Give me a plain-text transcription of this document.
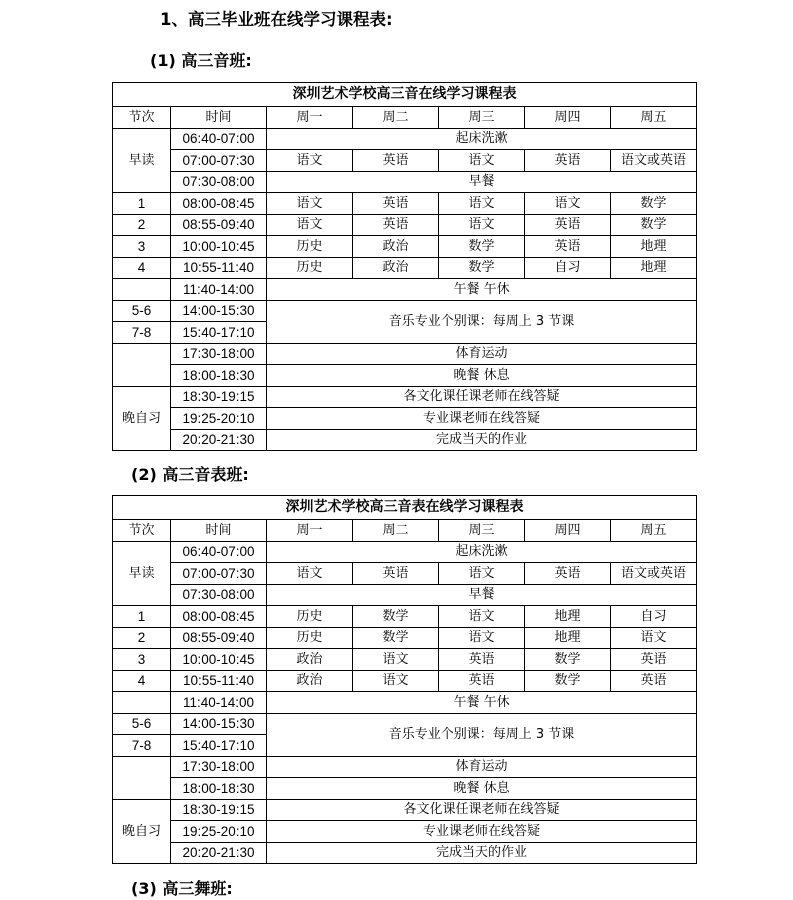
1、高三毕业班在线学习课程表:
(1) 高三音班:
深圳艺术学校高三音在线学习课程表						
节次	时间	周一	周二	周三	周四	周五
	06:40-07:00	起床洗漱				
早读	07:00-07:30	语文	英语	语文	英语	语文或英语
	07:30-08:00	早餐				
1	08:00-08:45	语文	英语	语文	语文	数学
2	08:55-09:40	语文	英语	语文	英语	数学
3	10:00-10:45	历史	政治	数学	英语	地理
4	10:55-11:40	历史	政治	数学	自习	地理
	11:40-14:00	午餐 午休				
5-6	14:00-15:30	音乐专业个别课：每周上 3 节课				
7-8	15:40-17:10					
	17:30-18:00	体育运动				
	18:00-18:30	晚餐 休息				
晚自习	18:30-19:15	各文化课任课老师在线答疑				
	19:25-20:10	专业课老师在线答疑				
	20:20-21:30	完成当天的作业				
(2) 高三音表班:
深圳艺术学校高三音表在线学习课程表						
节次	时间	周一	周二	周三	周四	周五
	06:40-07:00	起床洗漱				
早读	07:00-07:30	语文	英语	语文	英语	语文或英语
	07:30-08:00	早餐				
1	08:00-08:45	历史	数学	语文	地理	自习
2	08:55-09:40	历史	数学	语文	地理	语文
3	10:00-10:45	政治	语文	英语	数学	英语
4	10:55-11:40	政治	语文	英语	数学	英语
	11:40-14:00	午餐 午休				
5-6	14:00-15:30	音乐专业个别课：每周上 3 节课				
7-8	15:40-17:10					
	17:30-18:00	体育运动				
	18:00-18:30	晚餐 休息				
晚自习	18:30-19:15	各文化课任课老师在线答疑				
	19:25-20:10	专业课老师在线答疑				
	20:20-21:30	完成当天的作业				
(3) 高三舞班:
